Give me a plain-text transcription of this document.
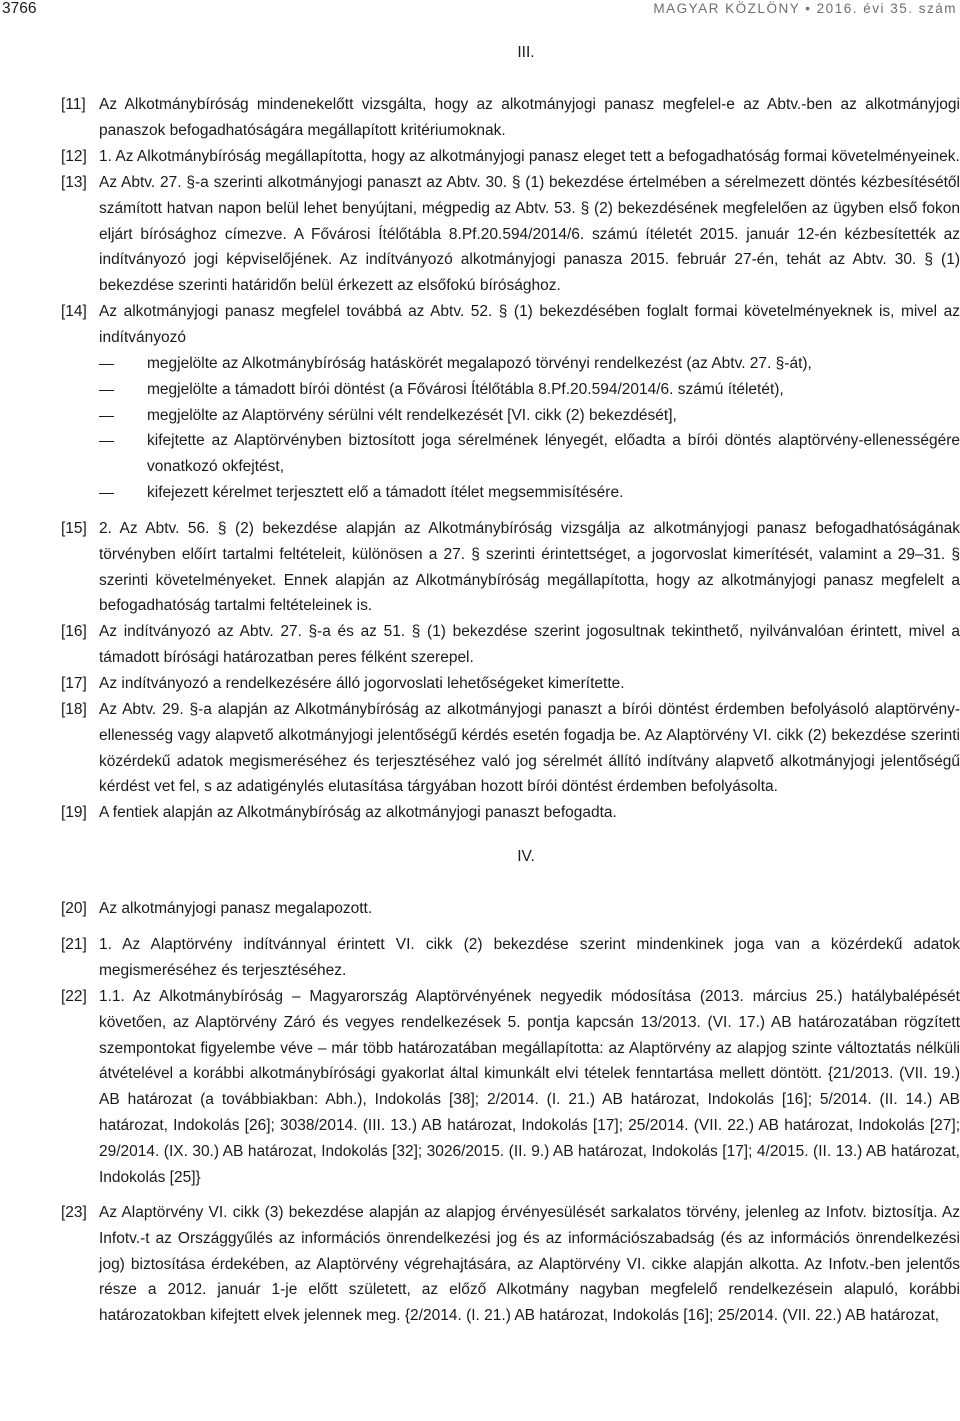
3766	MAGYAR KÖZLÖNY • 2016. évi 35. szám
III.
[11] Az Alkotmánybíróság mindenekelőtt vizsgálta, hogy az alkotmányjogi panasz megfelel-e az Abtv.-ben az alkotmányjogi panaszok befogadhatóságára megállapított kritériumoknak.
[12] 1. Az Alkotmánybíróság megállapította, hogy az alkotmányjogi panasz eleget tett a befogadhatóság formai követelményeinek.
[13] Az Abtv. 27. §-a szerinti alkotmányjogi panaszt az Abtv. 30. § (1) bekezdése értelmében a sérelmezett döntés kézbesítésétől számított hatvan napon belül lehet benyújtani, mégpedig az Abtv. 53. § (2) bekezdésének megfelelően az ügyben első fokon eljárt bírósághoz címezve. A Fővárosi Ítélőtábla 8.Pf.20.594/2014/6. számú ítéletét 2015. január 12-én kézbesítették az indítványozó jogi képviselőjének. Az indítványozó alkotmányjogi panasza 2015. február 27-én, tehát az Abtv. 30. § (1) bekezdése szerinti határidőn belül érkezett az elsőfokú bírósághoz.
[14] Az alkotmányjogi panasz megfelel továbbá az Abtv. 52. § (1) bekezdésében foglalt formai követelményeknek is, mivel az indítványozó
megjelölte az Alkotmánybíróság hatáskörét megalapozó törvényi rendelkezést (az Abtv. 27. §-át),
megjelölte a támadott bírói döntést (a Fővárosi Ítélőtábla 8.Pf.20.594/2014/6. számú ítéletét),
megjelölte az Alaptörvény sérülni vélt rendelkezését [VI. cikk (2) bekezdését],
kifejtette az Alaptörvényben biztosított joga sérelmének lényegét, előadta a bírói döntés alaptörvény-ellenességére vonatkozó okfejtést,
kifejezett kérelmet terjesztett elő a támadott ítélet megsemmisítésére.
[15] 2. Az Abtv. 56. § (2) bekezdése alapján az Alkotmánybíróság vizsgálja az alkotmányjogi panasz befogadhatóságának törvényben előírt tartalmi feltételeit, különösen a 27. § szerinti érintettséget, a jogorvoslat kimerítését, valamint a 29–31. § szerinti követelményeket. Ennek alapján az Alkotmánybíróság megállapította, hogy az alkotmányjogi panasz megfelelt a befogadhatóság tartalmi feltételeinek is.
[16] Az indítványozó az Abtv. 27. §-a és az 51. § (1) bekezdése szerint jogosultnak tekinthető, nyilvánvalóan érintett, mivel a támadott bírósági határozatban peres félként szerepel.
[17] Az indítványozó a rendelkezésére álló jogorvoslati lehetőségeket kimerítette.
[18] Az Abtv. 29. §-a alapján az Alkotmánybíróság az alkotmányjogi panaszt a bírói döntést érdemben befolyásoló alaptörvény-ellenesség vagy alapvető alkotmányjogi jelentőségű kérdés esetén fogadja be. Az Alaptörvény VI. cikk (2) bekezdése szerinti közérdekű adatok megismeréséhez és terjesztéséhez való jog sérelmét állító indítvány alapvető alkotmányjogi jelentőségű kérdést vet fel, s az adatigénylés elutasítása tárgyában hozott bírói döntést érdemben befolyásolta.
[19] A fentiek alapján az Alkotmánybíróság az alkotmányjogi panaszt befogadta.
IV.
[20] Az alkotmányjogi panasz megalapozott.
[21] 1. Az Alaptörvény indítvánnyal érintett VI. cikk (2) bekezdése szerint mindenkinek joga van a közérdekű adatok megismeréséhez és terjesztéséhez.
[22] 1.1. Az Alkotmánybíróság – Magyarország Alaptörvényének negyedik módosítása (2013. március 25.) hatálybalépését követően, az Alaptörvény Záró és vegyes rendelkezések 5. pontja kapcsán 13/2013. (VI. 17.) AB határozatában rögzített szempontokat figyelembe véve – már több határozatában megállapította: az Alaptörvény az alapjog szinte változtatás nélküli átvételével a korábbi alkotmánybírósági gyakorlat által kimunkált elvi tételek fenntartása mellett döntött. {21/2013. (VII. 19.) AB határozat (a továbbiakban: Abh.), Indokolás [38]; 2/2014. (I. 21.) AB határozat, Indokolás [16]; 5/2014. (II. 14.) AB határozat, Indokolás [26]; 3038/2014. (III. 13.) AB határozat, Indokolás [17]; 25/2014. (VII. 22.) AB határozat, Indokolás [27]; 29/2014. (IX. 30.) AB határozat, Indokolás [32]; 3026/2015. (II. 9.) AB határozat, Indokolás [17]; 4/2015. (II. 13.) AB határozat, Indokolás [25]}
[23] Az Alaptörvény VI. cikk (3) bekezdése alapján az alapjog érvényesülését sarkalatos törvény, jelenleg az Infotv. biztosítja. Az Infotv.-t az Országgyűlés az információs önrendelkezési jog és az információszabadság (és az információs önrendelkezési jog) biztosítása érdekében, az Alaptörvény végrehajtására, az Alaptörvény VI. cikke alapján alkotta. Az Infotv.-ben jelentős része a 2012. január 1-je előtt született, az előző Alkotmány nagyban megfelelő rendelkezésein alapuló, korábbi határozatokban kifejtett elvek jelennek meg. {2/2014. (I. 21.) AB határozat, Indokolás [16]; 25/2014. (VII. 22.) AB határozat,
